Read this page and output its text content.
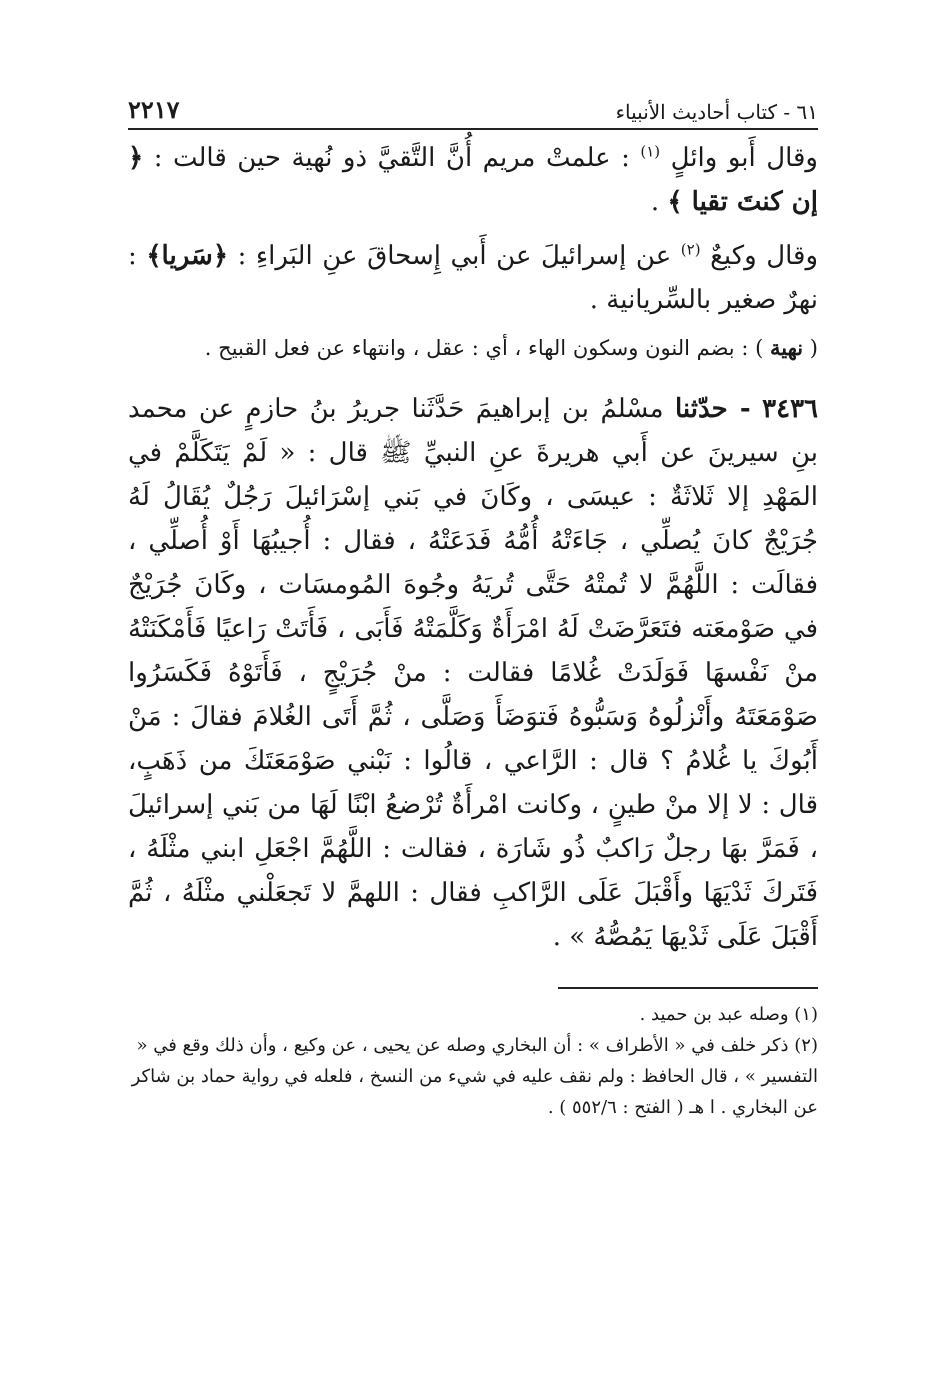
٦١ - كتاب أحاديث الأنبياء
٢٢١٧

وقال أَبو وائلٍ $^{(١)}$ : علمتْ مريم أُنَّ التَّقيَّ ذو نُهية حين قالت : ﴿ إن كنتَ تقيا ﴾ .

وقال وكيعٌ $^{(٢)}$ عن إسرائيلَ عن أَبي إِسحاقَ عنِ البَراءِ : ﴿سَريا﴾ : نهرٌ صغير بالسِّريانية .

( نهية ) : بضم النون وسكون الهاء ، أي : عقل ، وانتهاء عن فعل القبيح .

٣٤٣٦ - حدّثنا مسْلمُ بن إبراهيمَ حَدَّثَنا جريرُ بنُ حازمٍ عن محمد بنِ سيرينَ عن أَبي هريرةَ عنِ النبيِّ ﷺ قال : « لَمْ يَتَكَلَّمْ في المَهْدِ إلا ثَلاثَةٌ : عيسَى ، وكَانَ في بَني إسْرَائيلَ رَجُلٌ يُقَالُ لَهُ جُرَيْجٌ كانَ يُصلِّي ، جَاءَتْهُ أُمُّهُ فَدَعَتْهُ ، فقال : أُجيبُهَا أَوْ أُصلِّي ، فقالَت : اللَّهُمَّ لا تُمتْهُ حَتَّى تُريَهُ وجُوهَ المُومسَات ، وكَانَ جُرَيْجٌ في صَوْمعَته فتَعَرَّضَتْ لَهُ امْرَأَةٌ وَكَلَّمَتْهُ فَأَبَى ، فَأَتَتْ رَاعيًا فَأَمْكَنَتْهُ منْ نَفْسهَا فَوَلَدَتْ غُلامًا فقالت : منْ جُرَيْجٍ ، فَأَتَوْهُ فَكَسَرُوا صَوْمَعَتَهُ وأَنْزلُوهُ وَسَبُّوهُ فَتوَضَأَ وَصَلَّى ، ثُمَّ أَتَى الغُلامَ فقالَ : مَنْ أَبُوكَ يا غُلامُ ؟ قال : الرَّاعي ، قالُوا : نَبْني صَوْمَعَتَكَ من ذَهَبٍ، قال : لا إلا منْ طينٍ ، وكانت امْرأَةٌ تُرْضعُ ابْنًا لَهَا من بَني إسرائيلَ ، فَمَرَّ بهَا رجلٌ رَاكبٌ ذُو شَارَة ، فقالت : اللَّهُمَّ اجْعَلِ ابني مثْلَهُ ، فَتَركَ ثَدْيَهَا وأَقْبَلَ عَلَى الرَّاكبِ فقال : اللهمَّ لا تَجعَلْني مثْلَهُ ، ثُمَّ أَقْبَلَ عَلَى ثَدْيهَا يَمُصُّهُ » .

(١) وصله عبد بن حميد .

(٢) ذكر خلف في « الأطراف » : أن البخاري وصله عن يحيى ، عن وكيع ، وأن ذلك وقع في « التفسير » ، قال الحافظ : ولم نقف عليه في شيء من النسخ ، فلعله في رواية حماد بن شاكر عن البخاري . ا هـ ( الفتح : ٥٥٢/٦ ) .
